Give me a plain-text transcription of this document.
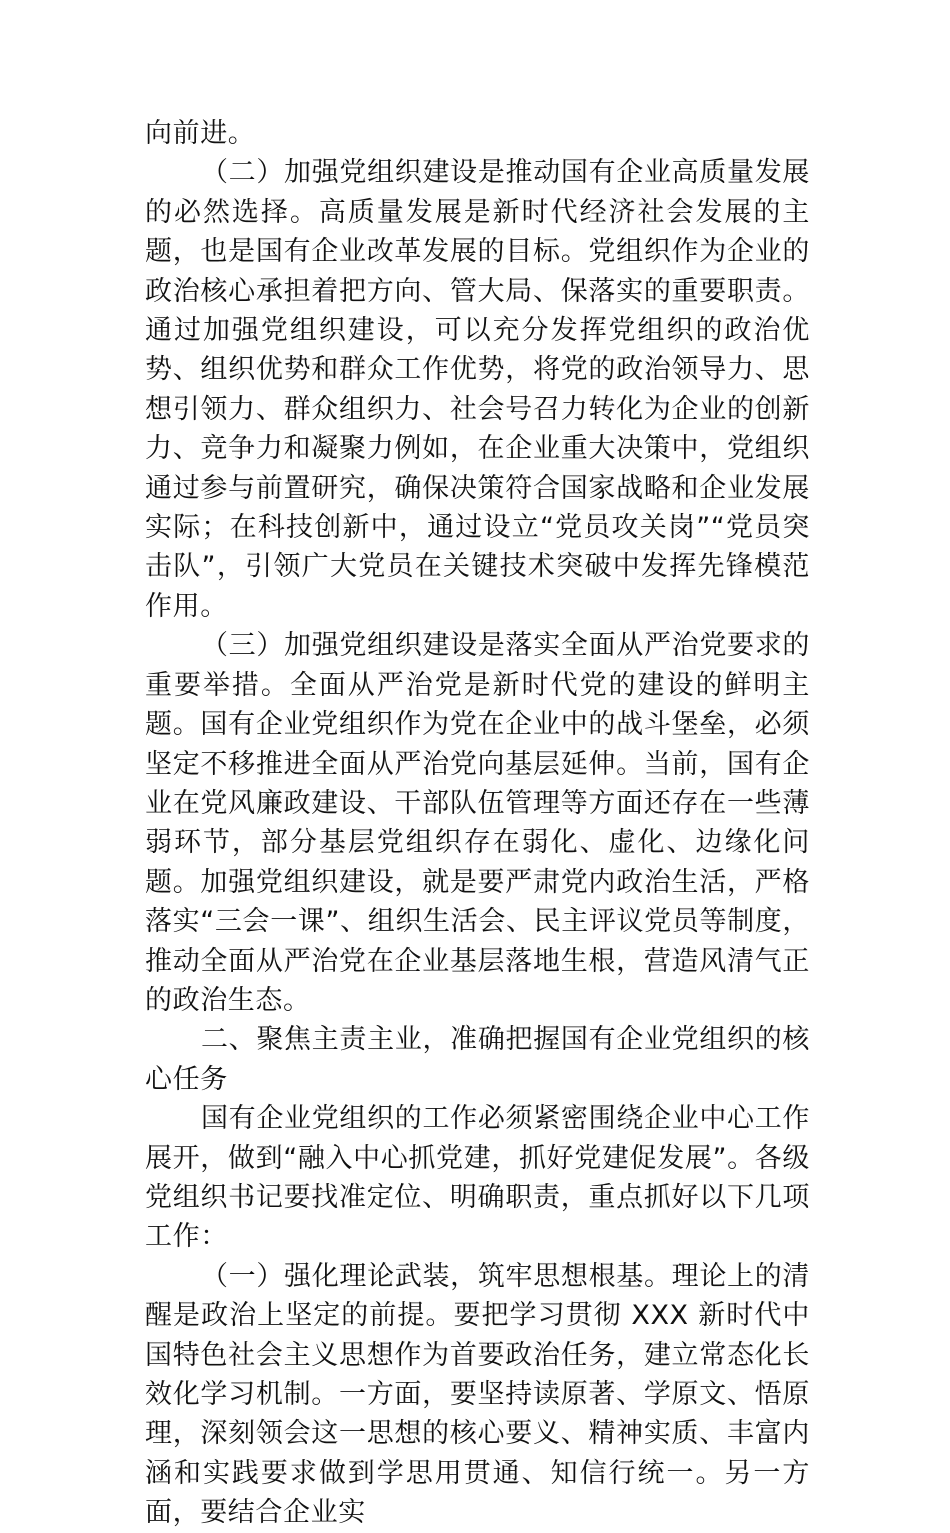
向前进。

（二）加强党组织建设是推动国有企业高质量发展的必然选择。高质量发展是新时代经济社会发展的主题，也是国有企业改革发展的目标。党组织作为企业的政治核心承担着把方向、管大局、保落实的重要职责。通过加强党组织建设，可以充分发挥党组织的政治优势、组织优势和群众工作优势，将党的政治领导力、思想引领力、群众组织力、社会号召力转化为企业的创新力、竞争力和凝聚力例如，在企业重大决策中，党组织通过参与前置研究，确保决策符合国家战略和企业发展实际；在科技创新中，通过设立“党员攻关岗”“党员突击队”，引领广大党员在关键技术突破中发挥先锋模范作用。

（三）加强党组织建设是落实全面从严治党要求的重要举措。全面从严治党是新时代党的建设的鲜明主题。国有企业党组织作为党在企业中的战斗堡垒，必须坚定不移推进全面从严治党向基层延伸。当前，国有企业在党风廉政建设、干部队伍管理等方面还存在一些薄弱环节，部分基层党组织存在弱化、虚化、边缘化问题。加强党组织建设，就是要严肃党内政治生活，严格落实“三会一课”、组织生活会、民主评议党员等制度，推动全面从严治党在企业基层落地生根，营造风清气正的政治生态。

二、聚焦主责主业，准确把握国有企业党组织的核心任务

国有企业党组织的工作必须紧密围绕企业中心工作展开，做到“融入中心抓党建，抓好党建促发展”。各级党组织书记要找准定位、明确职责，重点抓好以下几项工作：

（一）强化理论武装，筑牢思想根基。理论上的清醒是政治上坚定的前提。要把学习贯彻 XXX 新时代中国特色社会主义思想作为首要政治任务，建立常态化长效化学习机制。一方面，要坚持读原著、学原文、悟原理，深刻领会这一思想的核心要义、精神实质、丰富内涵和实践要求做到学思用贯通、知信行统一。另一方面，要结合企业实
